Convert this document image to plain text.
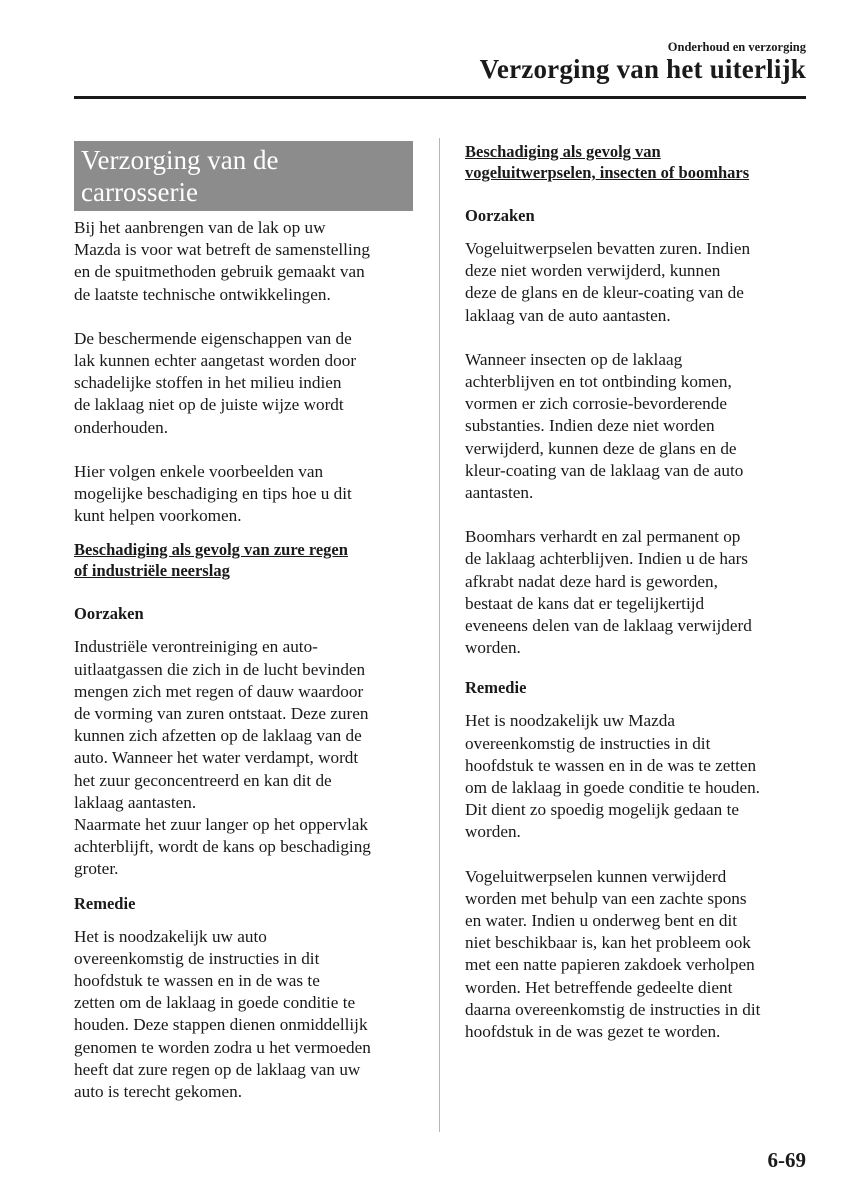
Onderhoud en verzorging
Verzorging van het uiterlijk

Verzorging van de
carrosserie

Bij het aanbrengen van de lak op uw
Mazda is voor wat betreft de samenstelling
en de spuitmethoden gebruik gemaakt van
de laatste technische ontwikkelingen.

De beschermende eigenschappen van de
lak kunnen echter aangetast worden door
schadelijke stoffen in het milieu indien
de laklaag niet op de juiste wijze wordt
onderhouden.

Hier volgen enkele voorbeelden van
mogelijke beschadiging en tips hoe u dit
kunt helpen voorkomen.

Beschadiging als gevolg van zure regen
of industriële neerslag

Oorzaken

Industriële verontreiniging en auto-
uitlaatgassen die zich in de lucht bevinden
mengen zich met regen of dauw waardoor
de vorming van zuren ontstaat. Deze zuren
kunnen zich afzetten op de laklaag van de
auto. Wanneer het water verdampt, wordt
het zuur geconcentreerd en kan dit de
laklaag aantasten.
Naarmate het zuur langer op het oppervlak
achterblijft, wordt de kans op beschadiging
groter.

Remedie

Het is noodzakelijk uw auto
overeenkomstig de instructies in dit
hoofdstuk te wassen en in de was te
zetten om de laklaag in goede conditie te
houden. Deze stappen dienen onmiddellijk
genomen te worden zodra u het vermoeden
heeft dat zure regen op de laklaag van uw
auto is terecht gekomen.

Beschadiging als gevolg van
vogeluitwerpselen, insecten of boomhars

Oorzaken

Vogeluitwerpselen bevatten zuren. Indien
deze niet worden verwijderd, kunnen
deze de glans en de kleur-coating van de
laklaag van de auto aantasten.

Wanneer insecten op de laklaag
achterblijven en tot ontbinding komen,
vormen er zich corrosie-bevorderende
substanties. Indien deze niet worden
verwijderd, kunnen deze de glans en de
kleur-coating van de laklaag van de auto
aantasten.

Boomhars verhardt en zal permanent op
de laklaag achterblijven. Indien u de hars
afkrabt nadat deze hard is geworden,
bestaat de kans dat er tegelijkertijd
eveneens delen van de laklaag verwijderd
worden.

Remedie

Het is noodzakelijk uw Mazda
overeenkomstig de instructies in dit
hoofdstuk te wassen en in de was te zetten
om de laklaag in goede conditie te houden.
Dit dient zo spoedig mogelijk gedaan te
worden.

Vogeluitwerpselen kunnen verwijderd
worden met behulp van een zachte spons
en water. Indien u onderweg bent en dit
niet beschikbaar is, kan het probleem ook
met een natte papieren zakdoek verholpen
worden. Het betreffende gedeelte dient
daarna overeenkomstig de instructies in dit
hoofdstuk in de was gezet te worden.

6-69
